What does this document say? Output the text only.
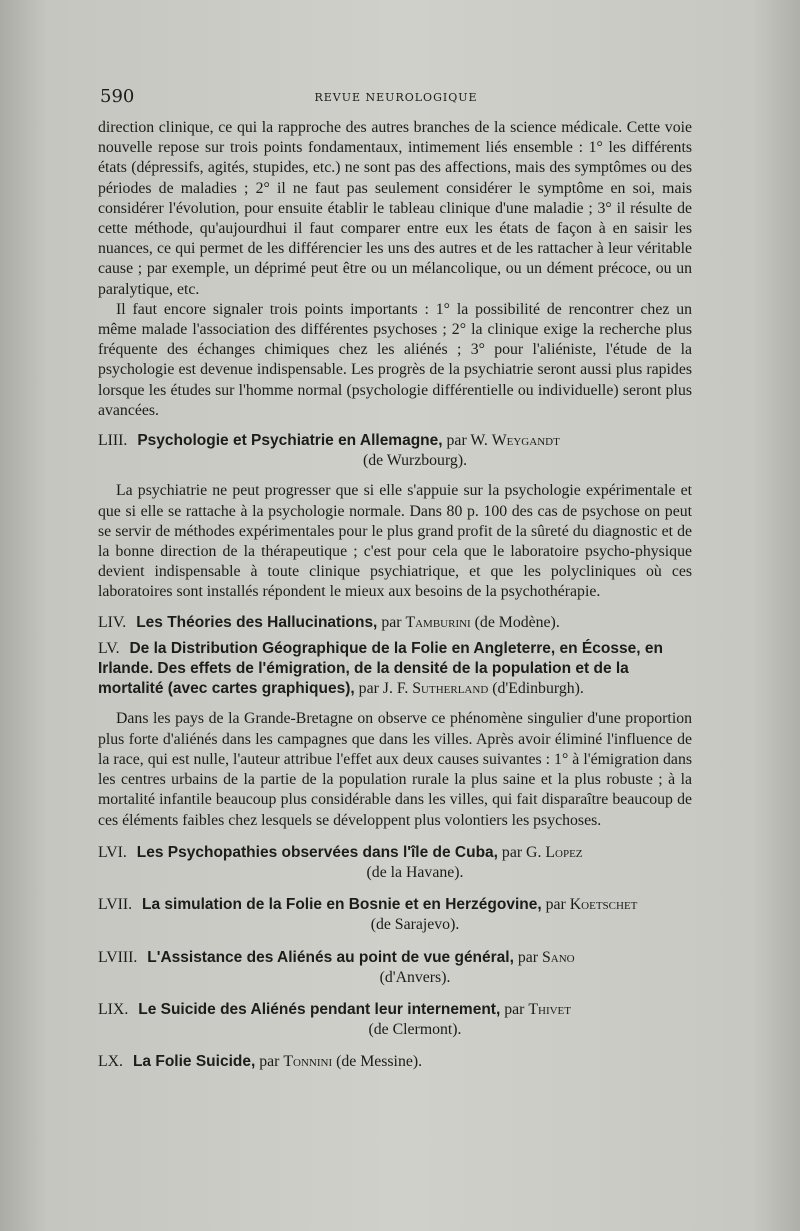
590	REVUE NEUROLOGIQUE

direction clinique, ce qui la rapproche des autres branches de la science médicale. Cette voie nouvelle repose sur trois points fondamentaux, intimement liés ensemble : 1° les différents états (dépressifs, agités, stupides, etc.) ne sont pas des affections, mais des symptômes ou des périodes de maladies ; 2° il ne faut pas seulement considérer le symptôme en soi, mais considérer l'évolution, pour ensuite établir le tableau clinique d'une maladie ; 3° il résulte de cette méthode, qu'aujourdhui il faut comparer entre eux les états de façon à en saisir les nuances, ce qui permet de les différencier les uns des autres et de les rattacher à leur véritable cause ; par exemple, un déprimé peut être ou un mélancolique, ou un dément précoce, ou un paralytique, etc.

Il faut encore signaler trois points importants : 1° la possibilité de rencontrer chez un même malade l'association des différentes psychoses ; 2° la clinique exige la recherche plus fréquente des échanges chimiques chez les aliénés ; 3° pour l'aliéniste, l'étude de la psychologie est devenue indispensable. Les progrès de la psychiatrie seront aussi plus rapides lorsque les études sur l'homme normal (psychologie différentielle ou individuelle) seront plus avancées.

LIII. Psychologie et Psychiatrie en Allemagne, par W. Weygandt
(de Wurzbourg).

La psychiatrie ne peut progresser que si elle s'appuie sur la psychologie expérimentale et que si elle se rattache à la psychologie normale. Dans 80 p. 100 des cas de psychose on peut se servir de méthodes expérimentales pour le plus grand profit de la sûreté du diagnostic et de la bonne direction de la thérapeutique ; c'est pour cela que le laboratoire psycho-physique devient indispensable à toute clinique psychiatrique, et que les polycliniques où ces laboratoires sont installés répondent le mieux aux besoins de la psychothérapie.

LIV. Les Théories des Hallucinations, par Tamburini (de Modène).
LV. De la Distribution Géographique de la Folie en Angleterre, en Écosse, en Irlande. Des effets de l'émigration, de la densité de la population et de la mortalité (avec cartes graphiques), par J. F. Sutherland (d'Edinburgh).

Dans les pays de la Grande-Bretagne on observe ce phénomène singulier d'une proportion plus forte d'aliénés dans les campagnes que dans les villes. Après avoir éliminé l'influence de la race, qui est nulle, l'auteur attribue l'effet aux deux causes suivantes : 1° à l'émigration dans les centres urbains de la partie de la population rurale la plus saine et la plus robuste ; à la mortalité infantile beaucoup plus considérable dans les villes, qui fait disparaître beaucoup de ces éléments faibles chez lesquels se développent plus volontiers les psychoses.

LVI. Les Psychopathies observées dans l'île de Cuba, par G. Lopez
(de la Havane).
LVII. La simulation de la Folie en Bosnie et en Herzégovine, par Koetschet
(de Sarajevo).
LVIII. L'Assistance des Aliénés au point de vue général, par Sano
(d'Anvers).
LIX. Le Suicide des Aliénés pendant leur internement, par Thivet
(de Clermont).
LX. La Folie Suicide, par Tonnini (de Messine).
